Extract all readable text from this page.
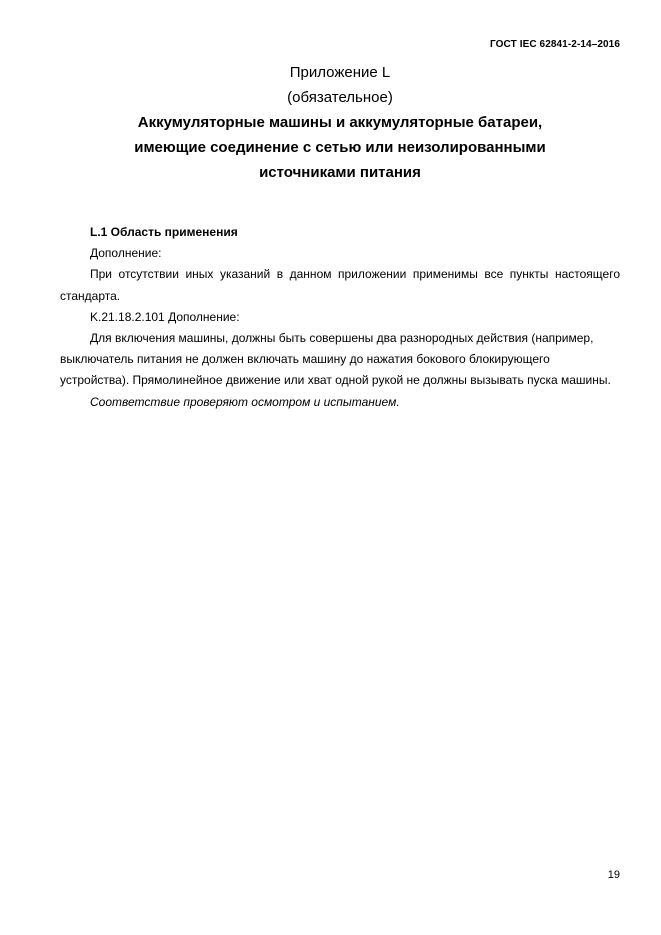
ГОСТ IEC 62841-2-14–2016
Приложение L
(обязательное)
Аккумуляторные машины и аккумуляторные батареи,
имеющие соединение с сетью или неизолированными
источниками питания

L.1 Область применения

Дополнение:

При отсутствии иных указаний в данном приложении применимы все пункты настоящего стандарта.

K.21.18.2.101 Дополнение:

Для включения машины, должны быть совершены два разнородных действия (например, выключатель питания не должен включать машину до нажатия бокового блокирующего устройства). Прямолинейное движение или хват одной рукой не должны вызывать пуска машины.

Соответствие проверяют осмотром и испытанием.

19
